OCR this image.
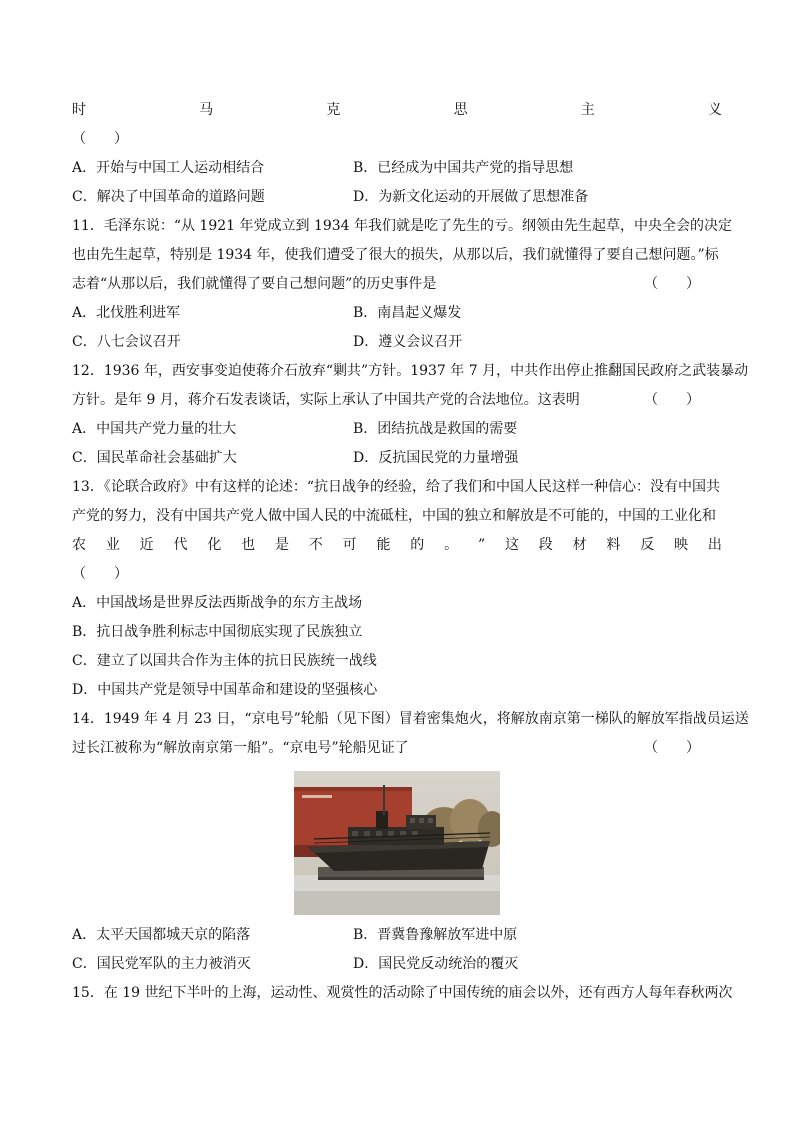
时	马	克	思	主	义
（　　）
A．开始与中国工人运动相结合	B．已经成为中国共产党的指导思想
C．解决了中国革命的道路问题	D．为新文化运动的开展做了思想准备
11．毛泽东说：“从 1921 年党成立到 1934 年我们就是吃了先生的亏。纲领由先生起草，中央全会的决定
也由先生起草，特别是 1934 年，使我们遭受了很大的损失，从那以后，我们就懂得了要自己想问题。”标
志着“从那以后，我们就懂得了要自己想问题”的历史事件是	（　　）
A．北伐胜利进军	B．南昌起义爆发
C．八七会议召开	D．遵义会议召开
12．1936 年，西安事变迫使蒋介石放弃“剿共”方针。1937 年 7 月，中共作出停止推翻国民政府之武装暴动
方针。是年 9 月，蒋介石发表谈话，实际上承认了中国共产党的合法地位。这表明	（　　）
A．中国共产党力量的壮大	B．团结抗战是救国的需要
C．国民革命社会基础扩大	D．反抗国民党的力量增强
13．《论联合政府》中有这样的论述：“抗日战争的经验，给了我们和中国人民这样一种信心：没有中国共
产党的努力，没有中国共产党人做中国人民的中流砥柱，中国的独立和解放是不可能的，中国的工业化和
农 业 近 代 化 也 是 不 可 能 的 。 ” 这 段 材 料 反 映 出
（　　）
A．中国战场是世界反法西斯战争的东方主战场
B．抗日战争胜利标志中国彻底实现了民族独立
C．建立了以国共合作为主体的抗日民族统一战线
D．中国共产党是领导中国革命和建设的坚强核心
14．1949 年 4 月 23 日，“京电号”轮船（见下图）冒着密集炮火，将解放南京第一梯队的解放军指战员运送
过长江被称为“解放南京第一船”。“京电号”轮船见证了	（　　）
A．太平天国都城天京的陷落	B．晋冀鲁豫解放军进中原
C．国民党军队的主力被消灭	D．国民党反动统治的覆灭
15．在 19 世纪下半叶的上海，运动性、观赏性的活动除了中国传统的庙会以外，还有西方人每年春秋两次
